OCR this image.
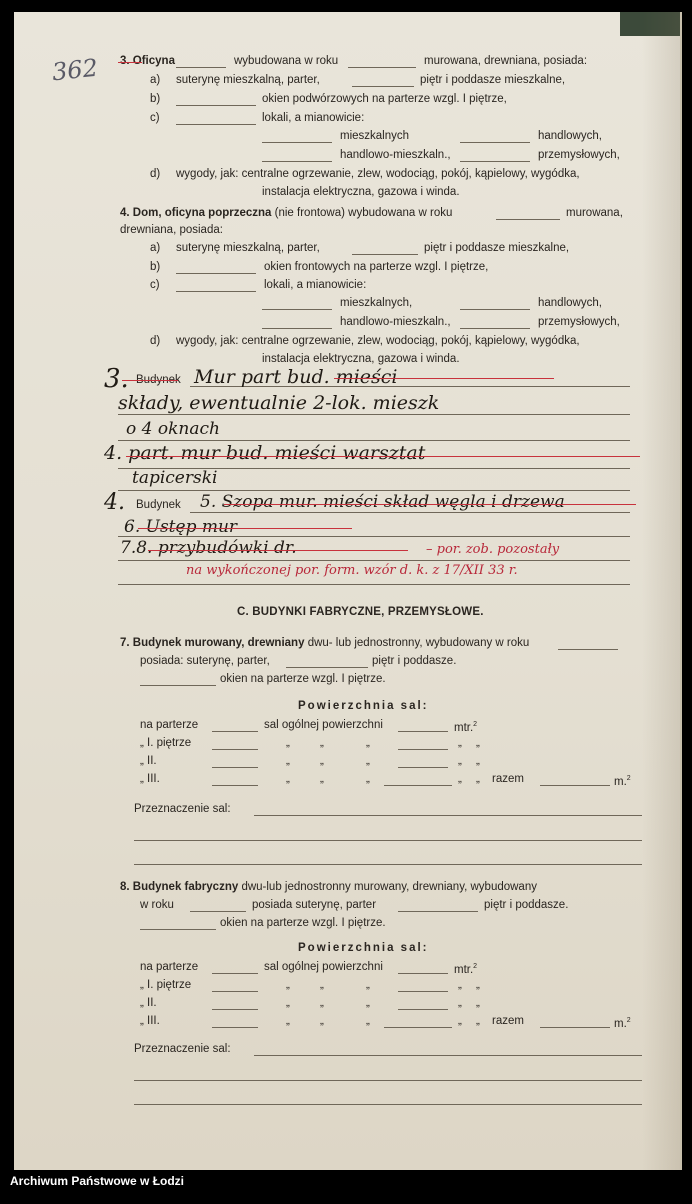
362 3. Oficyna	wybudowana w roku	murowana, drewniana, posiada:
a) suterynę mieszkalną, parter,	piętr i poddasze mieszkalne,
b)	okien podwórzowych na parterze wzgl. I piętrze,
c)	lokali, a mianowicie:
mieszkalnych	handlowych,
handlowo-mieszkaln.,	przemysłowych,
d) wygody, jak: centralne ogrzewanie, zlew, wodociąg, pokój, kąpielowy, wygódka,
instalacja elektryczna, gazowa i winda.
4. Dom, oficyna poprzeczna (nie frontowa) wybudowana w roku	murowana,
drewniana, posiada:
a) suterynę mieszkalną, parter,	piętr i poddasze mieszkalne,
b)	okien frontowych na parterze wzgl. I piętrze,
c)	lokali, a mianowicie:
mieszkalnych,	handlowych,
handlowo-mieszkaln.,	przemysłowych,
d) wygody, jak: centralne ogrzewanie, zlew, wodociąg, pokój, kąpielowy, wygódka,
instalacja elektryczna, gazowa i winda.
3. Budynek Mur part bud. mieści
składy, ewentualnie 2-lok. mieszk
o 4 oknach
4. part. mur bud. mieści warsztat
tapicerski
4. Budynek 5. Szopa mur. mieści skład węgla i drzewa
6. Ustęp mur
7.8. przybudówki dr.	– por. zob. pozostały
na wykończonej por. form. wzór d. k. z 17/XII 33 r.
C. BUDYNKI FABRYCZNE, PRZEMYSŁOWE.
7. Budynek murowany, drewniany dwu- lub jednostronny, wybudowany w roku
posiada: suterynę, parter,	piętr i poddasze.
okien na parterze wzgl. I piętrze.
Powierzchnia sal:
na parterze	sal ogólnej powierzchni	mtr.$^2$
„ I. piętrze	„	„	„	„ „
„ II.	„	„	„	„ „
„ III.	„	„	„	„ „ razem	m.$^2$
Przeznaczenie sal:
8. Budynek fabryczny dwu-lub jednostronny murowany, drewniany, wybudowany
w roku	posiada suterynę, parter	piętr i poddasze.
okien na parterze wzgl. I piętrze.
Powierzchnia sal:
na parterze	sal ogólnej powierzchni	mtr.$^2$
„ I. piętrze	„	„	„	„ „
„ II.	„	„	„	„ „
„ III.	„	„	„	„ „ razem	m.$^2$
Przeznaczenie sal:
Archiwum Państwowe w Łodzi
